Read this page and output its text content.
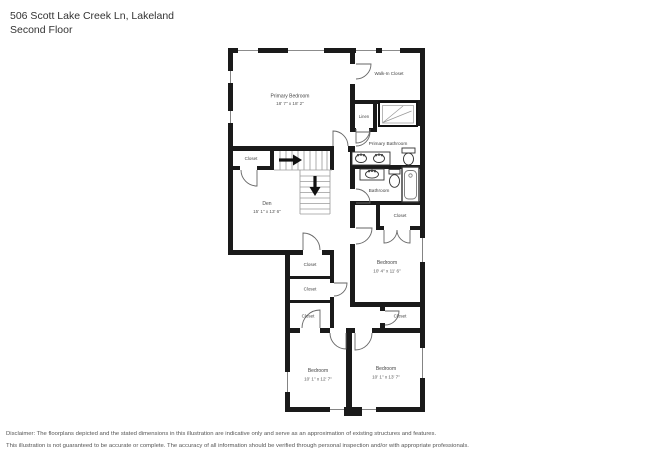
506 Scott Lake Creek Ln, Lakeland
Second Floor
Primary Bedroom
18' 7" x 18' 2"
Walk-In Closet
Linen
Primary Bathroom
Bathroom
Closet
Den
15' 1" x 13' 6"
Closet
Bedroom
10' 4" x 11' 6"
Closet
Closet
Closet	Closet
Bedroom
10' 1" x 12' 7"
Bedroom
10' 1" x 13' 7"
Disclaimer: The floorplans depicted and the stated dimensions in this illustration are indicative only and serve as an approximation of existing structures and features.
This illustration is not guaranteed to be accurate or complete. The accuracy of all information should be verified through personal inspection and/or with appropriate professionals.
